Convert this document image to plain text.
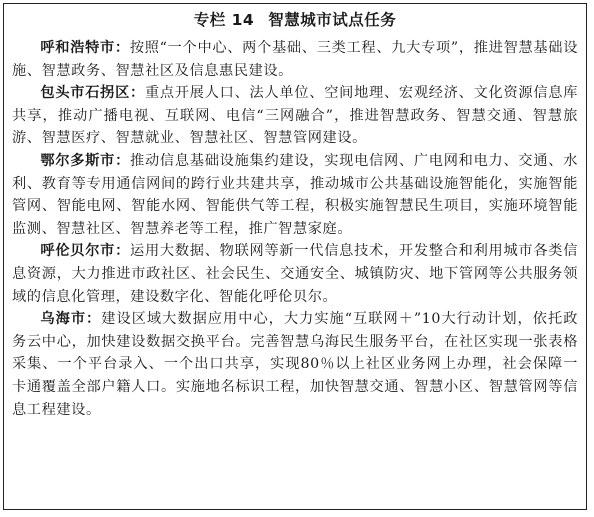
专栏 14 智慧城市试点任务

呼和浩特市：按照“一个中心、两个基础、三类工程、九大专项”，推进智慧基础设施、智慧政务、智慧社区及信息惠民建设。

包头市石拐区：重点开展人口、法人单位、空间地理、宏观经济、文化资源信息库共享，推动广播电视、互联网、电信“三网融合”，推进智慧政务、智慧交通、智慧旅游、智慧医疗、智慧就业、智慧社区、智慧管网建设。

鄂尔多斯市：推动信息基础设施集约建设，实现电信网、广电网和电力、交通、水利、教育等专用通信网间的跨行业共建共享，推动城市公共基础设施智能化，实施智能管网、智能电网、智能水网、智能供气等工程，积极实施智慧民生项目，实施环境智能监测、智慧社区、智慧养老等工程，推广智慧家庭。

呼伦贝尔市：运用大数据、物联网等新一代信息技术，开发整合和利用城市各类信息资源，大力推进市政社区、社会民生、交通安全、城镇防灾、地下管网等公共服务领域的信息化管理，建设数字化、智能化呼伦贝尔。

乌海市：建设区域大数据应用中心，大力实施“互联网＋”10大行动计划，依托政务云中心，加快建设数据交换平台。完善智慧乌海民生服务平台，在社区实现一张表格采集、一个平台录入、一个出口共享，实现80％以上社区业务网上办理，社会保障一卡通覆盖全部户籍人口。实施地名标识工程，加快智慧交通、智慧小区、智慧管网等信息工程建设。
